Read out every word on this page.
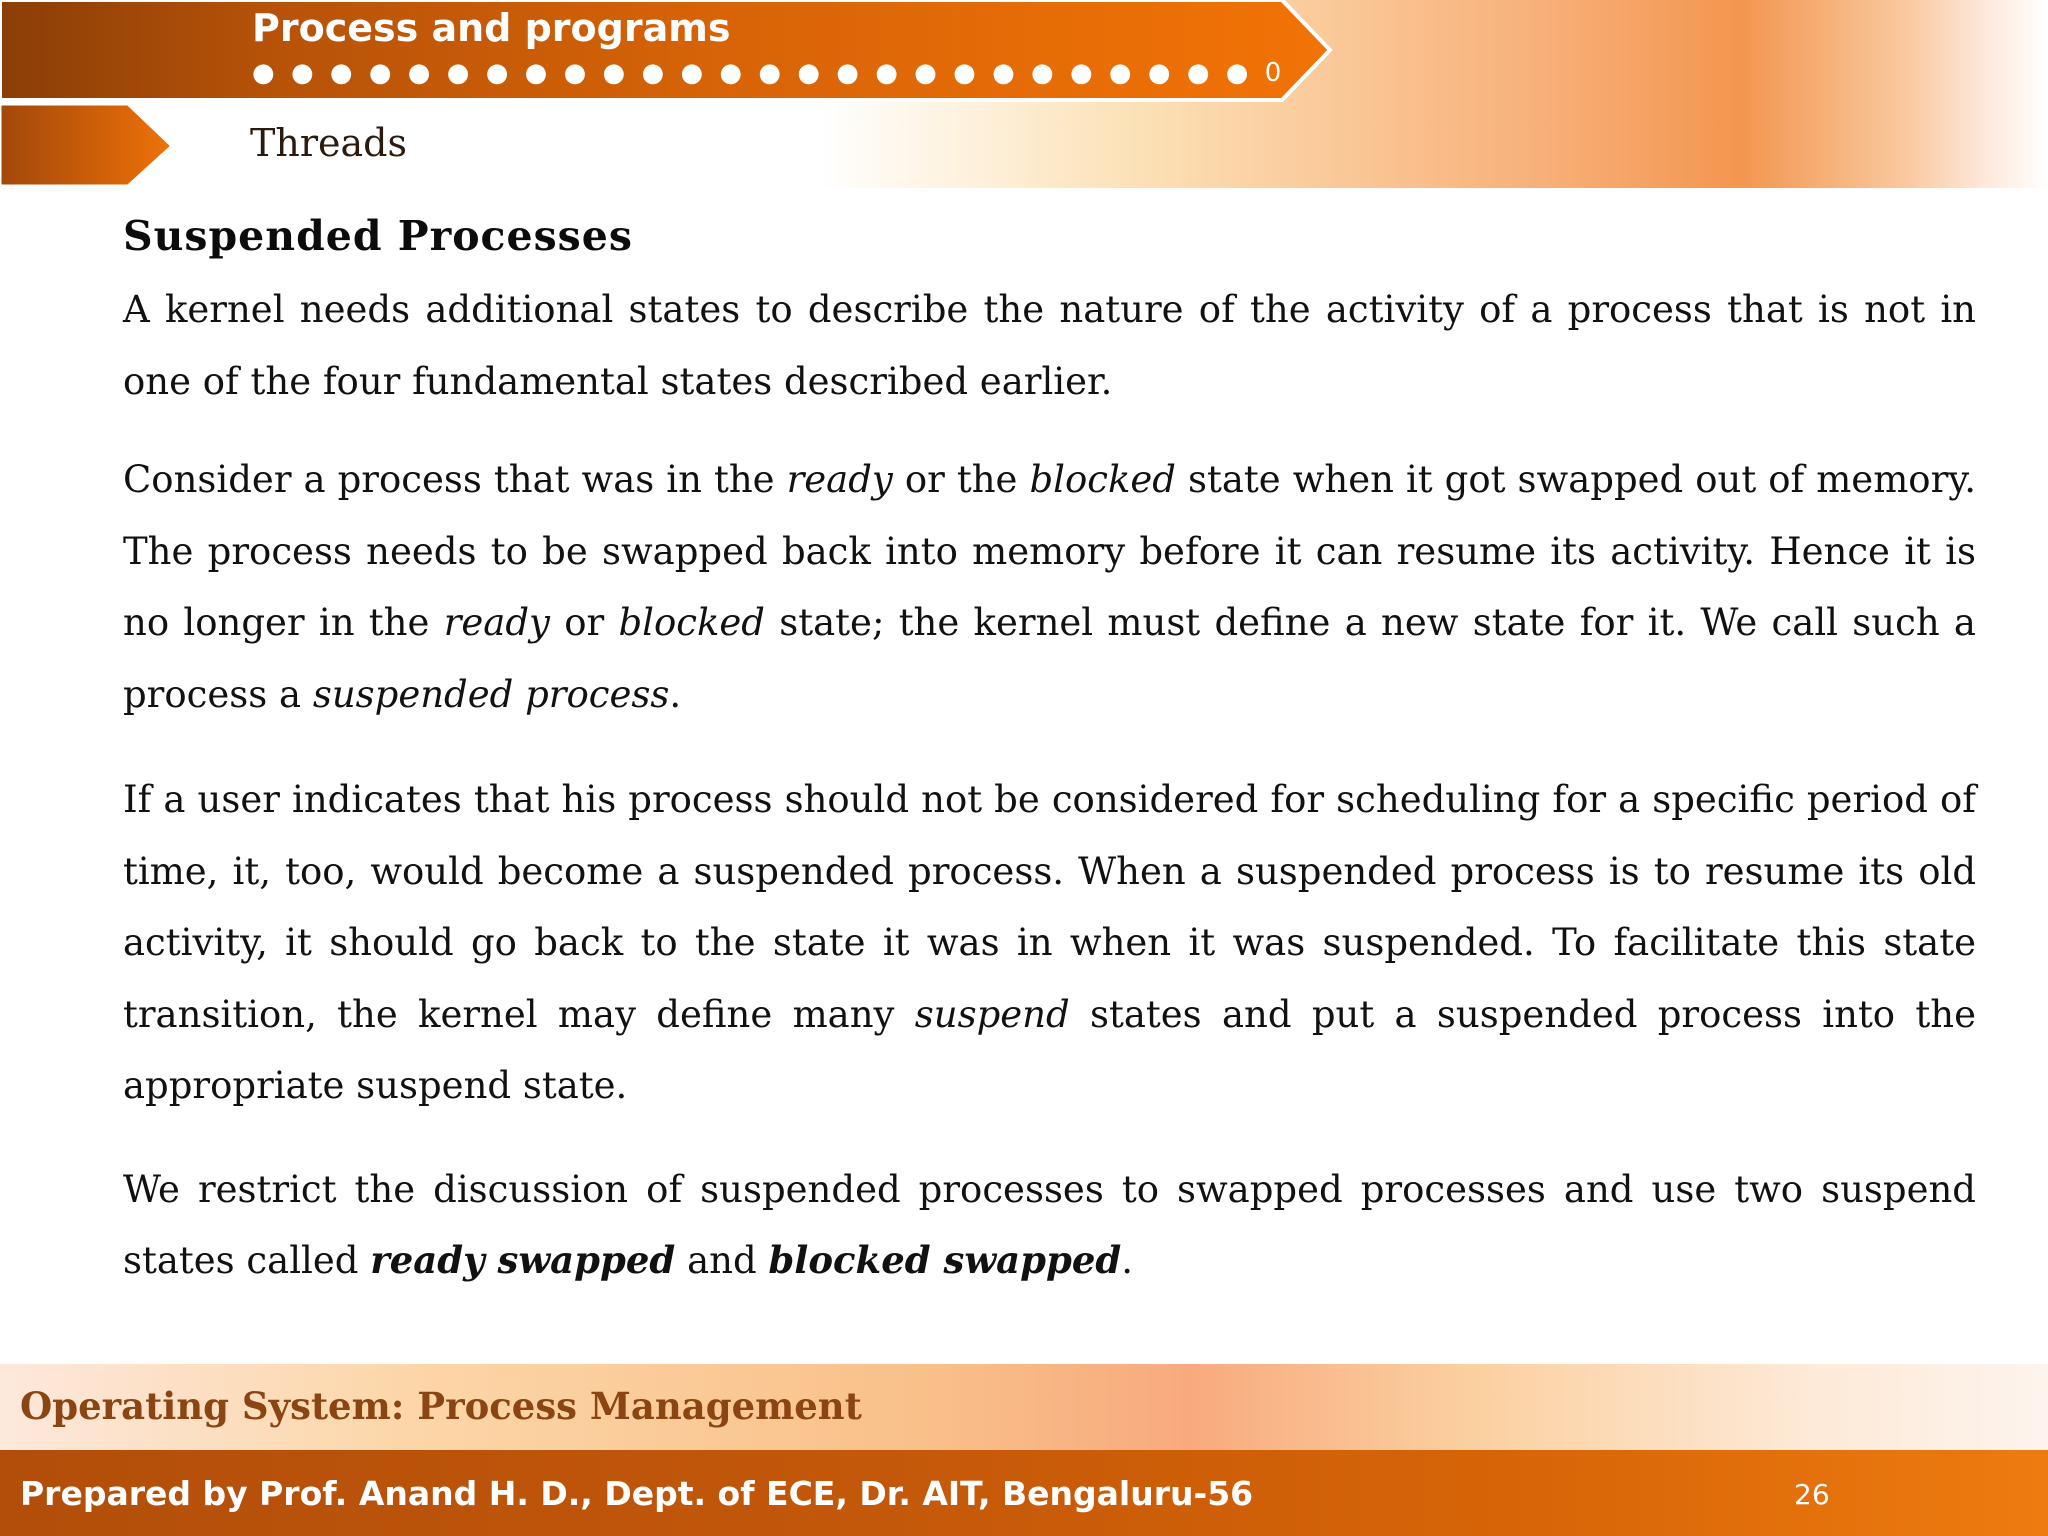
Process and programs
● ● ● ● ● ● ● ● ● ● ● ● ● ● ● ● ● ● ● ● ● ● ● ● ● ● 0
Threads
Suspended Processes

A kernel needs additional states to describe the nature of the activity of a process that is not in one of the four fundamental states described earlier.

Consider a process that was in the ready or the blocked state when it got swapped out of memory. The process needs to be swapped back into memory before it can resume its activity. Hence it is no longer in the ready or blocked state; the kernel must define a new state for it. We call such a process a suspended process.

If a user indicates that his process should not be considered for scheduling for a specific period of time, it, too, would become a suspended process. When a suspended process is to resume its old activity, it should go back to the state it was in when it was suspended. To facilitate this state transition, the kernel may define many suspend states and put a suspended process into the appropriate suspend state.

We restrict the discussion of suspended processes to swapped processes and use two suspend states called ready swapped and blocked swapped.

Operating System: Process Management
Prepared by Prof. Anand H. D., Dept. of ECE, Dr. AIT, Bengaluru-56	26
